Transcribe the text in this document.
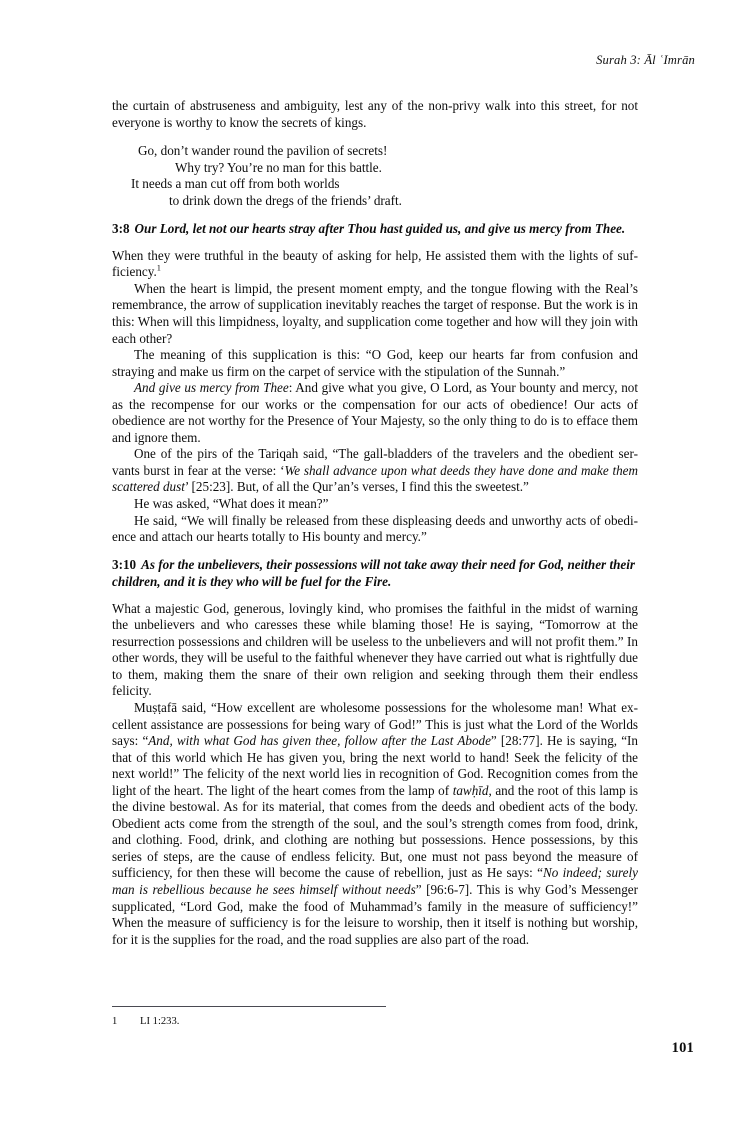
Surah 3: Āl ʿImrān

the curtain of abstruseness and ambiguity, lest any of the non-privy walk into this street, for not everyone is worthy to know the secrets of kings.

Go, don’t wander round the pavilion of secrets!
Why try? You’re no man for this battle.
It needs a man cut off from both worlds
to drink down the dregs of the friends’ draft.
3:8 Our Lord, let not our hearts stray after Thou hast guided us, and give us mercy from Thee.

When they were truthful in the beauty of asking for help, He assisted them with the lights of suf-ficiency.$^1$

When the heart is limpid, the present moment empty, and the tongue flowing with the Real’s remembrance, the arrow of supplication inevitably reaches the target of response. But the work is in this: When will this limpidness, loyalty, and supplication come together and how will they join with each other?

The meaning of this supplication is this: “O God, keep our hearts far from confusion and straying and make us firm on the carpet of service with the stipulation of the Sunnah.”

And give us mercy from Thee: And give what you give, O Lord, as Your bounty and mercy, not as the recompense for our works or the compensation for our acts of obedience! Our acts of obedience are not worthy for the Presence of Your Majesty, so the only thing to do is to efface them and ignore them.

One of the pirs of the Tariqah said, “The gall-bladders of the travelers and the obedient ser-vants burst in fear at the verse: ‘We shall advance upon what deeds they have done and make them scattered dust’ [25:23]. But, of all the Qur’an’s verses, I find this the sweetest.”

He was asked, “What does it mean?”

He said, “We will finally be released from these displeasing deeds and unworthy acts of obedi-ence and attach our hearts totally to His bounty and mercy.”

3:10 As for the unbelievers, their possessions will not take away their need for God, neither their children, and it is they who will be fuel for the Fire.

What a majestic God, generous, lovingly kind, who promises the faithful in the midst of warning the unbelievers and who caresses these while blaming those! He is saying, “Tomorrow at the resurrection possessions and children will be useless to the unbelievers and will not profit them.” In other words, they will be useful to the faithful whenever they have carried out what is rightfully due to them, making them the snare of their own religion and seeking through them their endless felicity.

Muṣṭafā said, “How excellent are wholesome possessions for the wholesome man! What ex-cellent assistance are possessions for being wary of God!” This is just what the Lord of the Worlds says: “And, with what God has given thee, follow after the Last Abode” [28:77]. He is saying, “In that of this world which He has given you, bring the next world to hand! Seek the felicity of the next world!” The felicity of the next world lies in recognition of God. Recognition comes from the light of the heart. The light of the heart comes from the lamp of tawḥīd, and the root of this lamp is the divine bestowal. As for its material, that comes from the deeds and obedient acts of the body. Obedient acts come from the strength of the soul, and the soul’s strength comes from food, drink, and clothing. Food, drink, and clothing are nothing but possessions. Hence possessions, by this series of steps, are the cause of endless felicity. But, one must not pass beyond the measure of sufficiency, for then these will become the cause of rebellion, just as He says: “No indeed; surely man is rebellious because he sees himself without needs” [96:6-7]. This is why God’s Messenger supplicated, “Lord God, make the food of Muhammad’s family in the measure of sufficiency!” When the measure of sufficiency is for the leisure to worship, then it itself is nothing but worship, for it is the supplies for the road, and the road supplies are also part of the road.

1	LI 1:233.
101
